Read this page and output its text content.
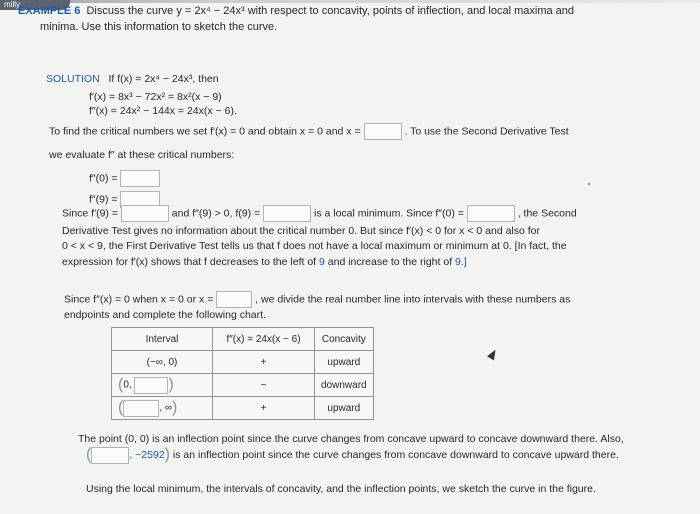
milly
EXAMPLE 6 Discuss the curve y = 2x⁴ − 24x³ with respect to concavity, points of inflection, and local maxima and
minima. Use this information to sketch the curve.
SOLUTION If f(x) = 2x⁴ − 24x³, then
f′(x) = 8x³ − 72x² = 8x²(x − 9)
f″(x) = 24x² − 144x = 24x(x − 6).
To find the critical numbers we set f′(x) = 0 and obtain x = 0 and x =	. To use the Second Derivative Test
we evaluate f″ at these critical numbers:
f″(0) =
f″(9) =
Since f′(9) =	and f″(9) > 0, f(9) =	is a local minimum. Since f″(0) =	, the Second
Derivative Test gives no information about the critical number 0. But since f′(x) < 0 for x < 0 and also for
0 < x < 9, the First Derivative Test tells us that f does not have a local maximum or minimum at 0. [In fact, the
expression for f′(x) shows that f decreases to the left of 9 and increase to the right of 9.]
Since f″(x) = 0 when x = 0 or x =	, we divide the real number line into intervals with these numbers as
endpoints and complete the following chart.
Interval	f″(x) = 24x(x − 6)	Concavity
(−∞, 0)	+	upward
(0, )	−	downward
( , ∞)	+	upward
The point (0, 0) is an inflection point since the curve changes from concave upward to concave downward there. Also,
(	, −2592) is an inflection point since the curve changes from concave downward to concave upward there.
Using the local minimum, the intervals of concavity, and the inflection points, we sketch the curve in the figure.
